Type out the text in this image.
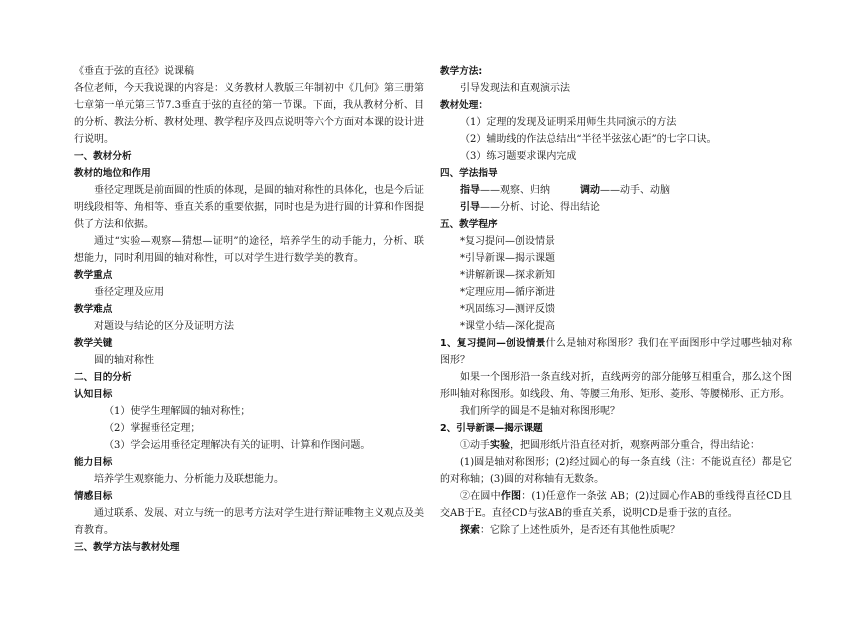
《垂直于弦的直径》说课稿

各位老师，今天我说课的内容是：义务教材人教版三年制初中《几何》第三册第七章第一单元第三节7.3垂直于弦的直径的第一节课。下面，我从教材分析、目的分析、教法分析、教材处理、教学程序及四点说明等六个方面对本课的设计进行说明。

一、教材分析

教材的地位和作用

垂径定理既是前面圆的性质的体现，是圆的轴对称性的具体化，也是今后证明线段相等、角相等、垂直关系的重要依据，同时也是为进行圆的计算和作图提供了方法和依据。

通过“实验—观察—猜想—证明”的途径，培养学生的动手能力，分析、联想能力，同时利用圆的轴对称性，可以对学生进行数学美的教育。

教学重点

垂径定理及应用

教学难点

对题设与结论的区分及证明方法

教学关键

圆的轴对称性

二、目的分析

认知目标

（1）使学生理解圆的轴对称性；

（2）掌握垂径定理；

（3）学会运用垂径定理解决有关的证明、计算和作图问题。

能力目标

培养学生观察能力、分析能力及联想能力。

情感目标

通过联系、发展、对立与统一的思考方法对学生进行辩证唯物主义观点及美育教育。

三、教学方法与教材处理

教学方法:

引导发现法和直观演示法

教材处理：

（1）定理的发现及证明采用师生共同演示的方法

（2）辅助线的作法总结出“半径半弦弦心距”的七字口诀。

（3）练习题要求课内完成

四、学法指导

指导——观察、归纳	调动——动手、动脑

引导——分析、讨论、得出结论

五、教学程序

*复习提问—创设情景

*引导新课—揭示课题

*讲解新课—探求新知

*定理应用—循序渐进

*巩固练习—测评反馈

*课堂小结—深化提高

1、复习提问—创设情景什么是轴对称图形？我们在平面图形中学过哪些轴对称图形？

如果一个图形沿一条直线对折，直线两旁的部分能够互相重合，那么这个图形叫轴对称图形。如线段、角、等腰三角形、矩形、菱形、等腰梯形、正方形。

我们所学的圆是不是轴对称图形呢？

2、引导新课—揭示课题

①动手实验，把圆形纸片沿直径对折，观察两部分重合，得出结论：

(1)圆是轴对称图形；(2)经过圆心的每一条直线（注：不能说直径）都是它的对称轴；(3)圆的对称轴有无数条。

②在圆中作图：(1)任意作一条弦 AB；(2)过圆心作AB的垂线得直径CD且交AB于E。直径CD与弦AB的垂直关系，说明CD是垂于弦的直径。

探索：它除了上述性质外，是否还有其他性质呢？
